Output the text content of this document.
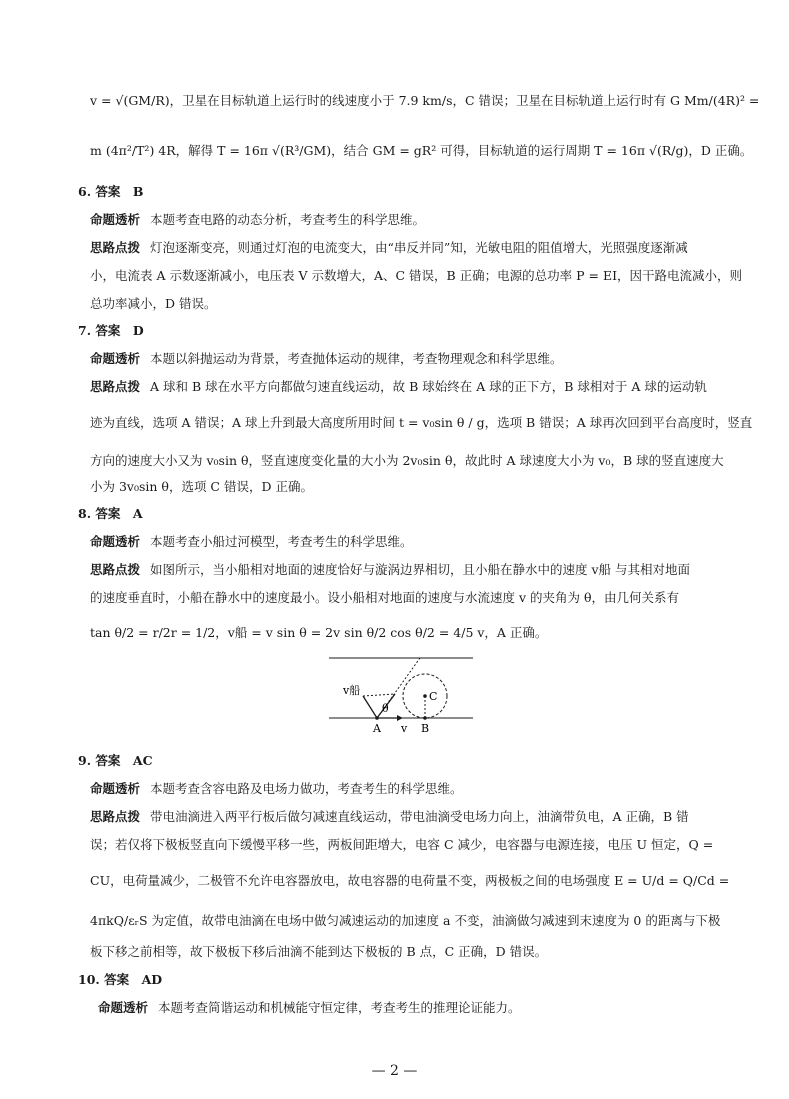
v = √(GM/R)，卫星在目标轨道上运行时的线速度小于 7.9 km/s，C 错误；卫星在目标轨道上运行时有 G Mm/(4R)² =
m (4π²/T²) 4R，解得 T = 16π √(R³/GM)，结合 GM = gR² 可得，目标轨道的运行周期 T = 16π √(R/g)，D 正确。
6. 答案　B
命题透析 本题考查电路的动态分析，考查考生的科学思维。
思路点拨 灯泡逐渐变亮，则通过灯泡的电流变大，由“串反并同”知，光敏电阻的阻值增大，光照强度逐渐减
小，电流表 A 示数逐渐减小，电压表 V 示数增大，A、C 错误，B 正确；电源的总功率 P = EI，因干路电流减小，则
总功率减小，D 错误。
7. 答案　D
命题透析 本题以斜抛运动为背景，考查抛体运动的规律，考查物理观念和科学思维。
思路点拨 A 球和 B 球在水平方向都做匀速直线运动，故 B 球始终在 A 球的正下方，B 球相对于 A 球的运动轨
迹为直线，选项 A 错误；A 球上升到最大高度所用时间 t = v₀sin θ / g，选项 B 错误；A 球再次回到平台高度时，竖直
方向的速度大小又为 v₀sin θ，竖直速度变化量的大小为 2v₀sin θ，故此时 A 球速度大小为 v₀，B 球的竖直速度大
小为 3v₀sin θ，选项 C 错误，D 正确。
8. 答案　A
命题透析 本题考查小船过河模型，考查考生的科学思维。
思路点拨 如图所示，当小船相对地面的速度恰好与漩涡边界相切，且小船在静水中的速度 v船 与其相对地面
的速度垂直时，小船在静水中的速度最小。设小船相对地面的速度与水流速度 v 的夹角为 θ，由几何关系有
tan θ/2 = r/2r = 1/2，v船 = v sin θ = 2v sin θ/2 cos θ/2 = 4/5 v，A 正确。
v船
θ
C
A v B
9. 答案　AC
命题透析 本题考查含容电路及电场力做功，考查考生的科学思维。
思路点拨 带电油滴进入两平行板后做匀减速直线运动，带电油滴受电场力向上，油滴带负电，A 正确，B 错
误；若仅将下极板竖直向下缓慢平移一些，两板间距增大，电容 C 减少，电容器与电源连接，电压 U 恒定，Q =
CU，电荷量减少，二极管不允许电容器放电，故电容器的电荷量不变，两极板之间的电场强度 E = U/d = Q/Cd =
4πkQ/εᵣS 为定值，故带电油滴在电场中做匀减速运动的加速度 a 不变，油滴做匀减速到末速度为 0 的距离与下极
板下移之前相等，故下极板下移后油滴不能到达下极板的 B 点，C 正确，D 错误。
10. 答案　AD
命题透析 本题考查简谐运动和机械能守恒定律，考查考生的推理论证能力。
— 2 —
